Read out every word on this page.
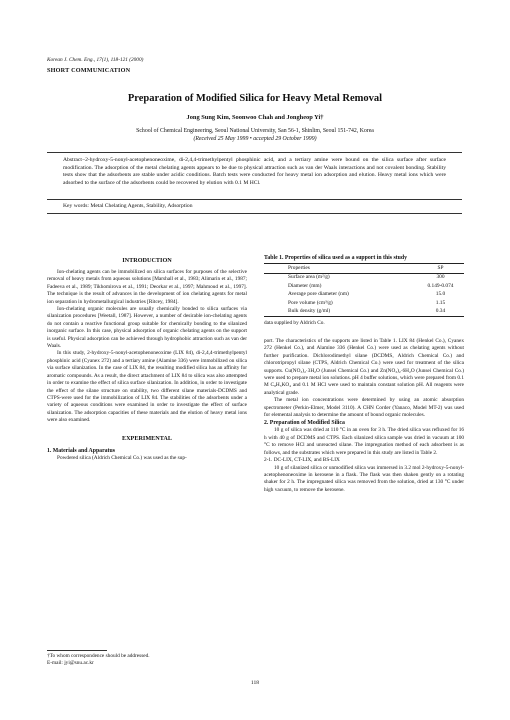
Korean J. Chem. Eng., 17(1), 118-121 (2000)
SHORT COMMUNICATION
Preparation of Modified Silica for Heavy Metal Removal
Jong Sung Kim, Soonwoo Chah and Jongheop Yi†
School of Chemical Engineering, Seoul National University, San 56-1, Shinlim, Seoul 151-742, Korea
(Received 25 May 1999 • accepted 29 October 1999)
Abstract−2-hydroxy-5-nonyl-acetophenoneoxime, di-2,4,4-trimethylpentyl phosphinic acid, and a tertiary amine were bound on the silica surface after surface modification. The adsorption of the metal chelating agents appears to be due to physical attraction such as van der Waals interactions and not covalent bonding. Stability tests show that the adsorbents are stable under acidic conditions. Batch tests were conducted for heavy metal ion adsorption and elution. Heavy metal ions which were adsorbed to the surface of the adsorbents could be recovered by elution with 0.1 M HCl.
Key words: Metal Chelating Agents, Stability, Adsorption
INTRODUCTION

Ion-chelating agents can be immobilized on silica surfaces for purposes of the selective removal of heavy metals from aqueous solutions [Marshall et al., 1983; Alimarin et al., 1987; Fadeeva et al., 1989; Tikhomirova et al., 1991; Deorkar et al., 1997; Mahmoud et al., 1997]. The technique is the result of advances in the development of ion chelating agents for metal ion separation in hydrometallurgical industries [Ritcey, 1984].

Ion-chelating organic molecules are usually chemically bonded to silica surfaces via silanization procedures [Weetall, 1987]. However, a number of desirable ion-chelating agents do not contain a reactive functional group suitable for chemically bonding to the silanized inorganic surface. In this case, physical adsorption of organic chelating agents on the support is useful. Physical adsorption can be achieved through hydrophobic attraction such as van der Waals.

In this study, 2-hydroxy-5-nonyl-acetophenoneoxime (LIX 84), di-2,4,4-trimethylpentyl phosphinic acid (Cyanex 272) and a tertiary amine (Alamine 336) were immobilized on silica via surface silanization. In the case of LIX 84, the resulting modified silica has an affinity for aromatic compounds. As a result, the direct attachment of LIX 84 to silica was also attempted in order to examine the effect of silica surface silanization. In addition, in order to investigate the effect of the silane structure on stability, two different silane materials-DCDMS and CTPS-were used for the immobilization of LIX 84. The stabilities of the adsorbents under a variety of aqueous conditions were examined in order to investigate the effect of surface silanization. The adsorption capacities of these materials and the elution of heavy metal ions were also examined.

EXPERIMENTAL
1. Materials and Apparatus

Powdered silica (Aldrich Chemical Co.) was used as the sup-

†To whom correspondence should be addressed.
E-mail: jyi@snu.ac.kr
Table 1. Properties of silica used as a support in this study
Properties	SP
Surface area (m²/g)	300
Diameter (mm)	0.149-0.074
Average pore diameter (nm)	15.0
Pore volume (cm³/g)	1.15
Bulk density (g/ml)	0.34
data supplied by Aldrich Co.

port. The characteristics of the supports are listed in Table 1. LIX 84 (Henkel Co.), Cyanex 272 (Henkel Co.), and Alamine 336 (Henkel Co.) were used as chelating agents without further purification. Dichlorodimethyl silane (DCDMS, Aldrich Chemical Co.) and chlorotripropyl silane (CTPS, Aldrich Chemical Co.) were used for treatment of the silica supports. Cu(NO₃)₂·3H₂O (Junsei Chemical Co.) and Zn(NO₃)₂·6H₂O (Junsei Chemical Co.) were used to prepare metal ion solutions. pH 4 buffer solutions, which were prepared from 0.1 M C₈H₅KO₄ and 0.1 M HCl were used to maintain constant solution pH. All reagents were analytical grade.

The metal ion concentrations were determined by using an atomic absorption spectrometer (Perkin-Elmer, Model 3110). A CHN Corder (Yanaco, Model MT-2) was used for elemental analysis to determine the amount of bound organic molecules.

2. Preparation of Modified Silica

10 g of silica was dried at 110 °C in an oven for 3 h. The dried silica was refluxed for 16 h with 40 g of DCDMS and CTPS. Each silanized silica sample was dried in vacuum at 100 °C to remove HCl and unreacted silane. The impregnation method of each adsorbent is as follows, and the substrates which were prepared in this study are listed in Table 2.

2-1. DC-LIX, CT-LIX, and BS-LIX

10 g of silanized silica or unmodified silica was immersed in 3.2 mol 2-hydroxy-5-nonyl-acetophenoneoxime in kerosene in a flask. The flask was then shaken gently on a rotating shaker for 2 h. The impregnated silica was removed from the solution, dried at 130 °C under high vacuum, to remove the kerosene.

118
